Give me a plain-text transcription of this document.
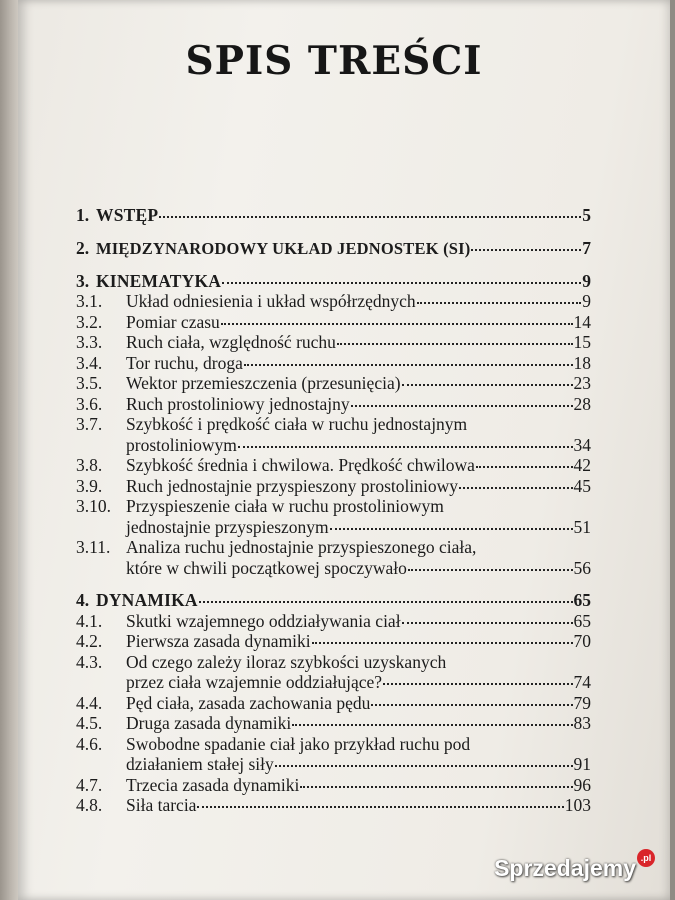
SPIS TREŚCI
1. WSTĘP	5
2. MIĘDZYNARODOWY UKŁAD JEDNOSTEK (SI)	7
3. KINEMATYKA	9
3.1.	Układ odniesienia i układ współrzędnych	9
3.2.	Pomiar czasu	14
3.3.	Ruch ciała, względność ruchu	15
3.4.	Tor ruchu, droga	18
3.5.	Wektor przemieszczenia (przesunięcia)	23
3.6.	Ruch prostoliniowy jednostajny	28
3.7.	Szybkość i prędkość ciała w ruchu jednostajnym
prostoliniowym	34
3.8.	Szybkość średnia i chwilowa. Prędkość chwilowa	42
3.9.	Ruch jednostajnie przyspieszony prostoliniowy	45
3.10. Przyspieszenie ciała w ruchu prostoliniowym
jednostajnie przyspieszonym	51
3.11. Analiza ruchu jednostajnie przyspieszonego ciała,
które w chwili początkowej spoczywało	56
4. DYNAMIKA	65
4.1.	Skutki wzajemnego oddziaływania ciał	65
4.2.	Pierwsza zasada dynamiki	70
4.3.	Od czego zależy iloraz szybkości uzyskanych
przez ciała wzajemnie oddziałujące?	74
4.4.	Pęd ciała, zasada zachowania pędu	79
4.5.	Druga zasada dynamiki	83
4.6.	Swobodne spadanie ciał jako przykład ruchu pod
działaniem stałej siły	91
4.7.	Trzecia zasada dynamiki	96
4.8.	Siła tarcia	103
Sprzedajemy .pl
